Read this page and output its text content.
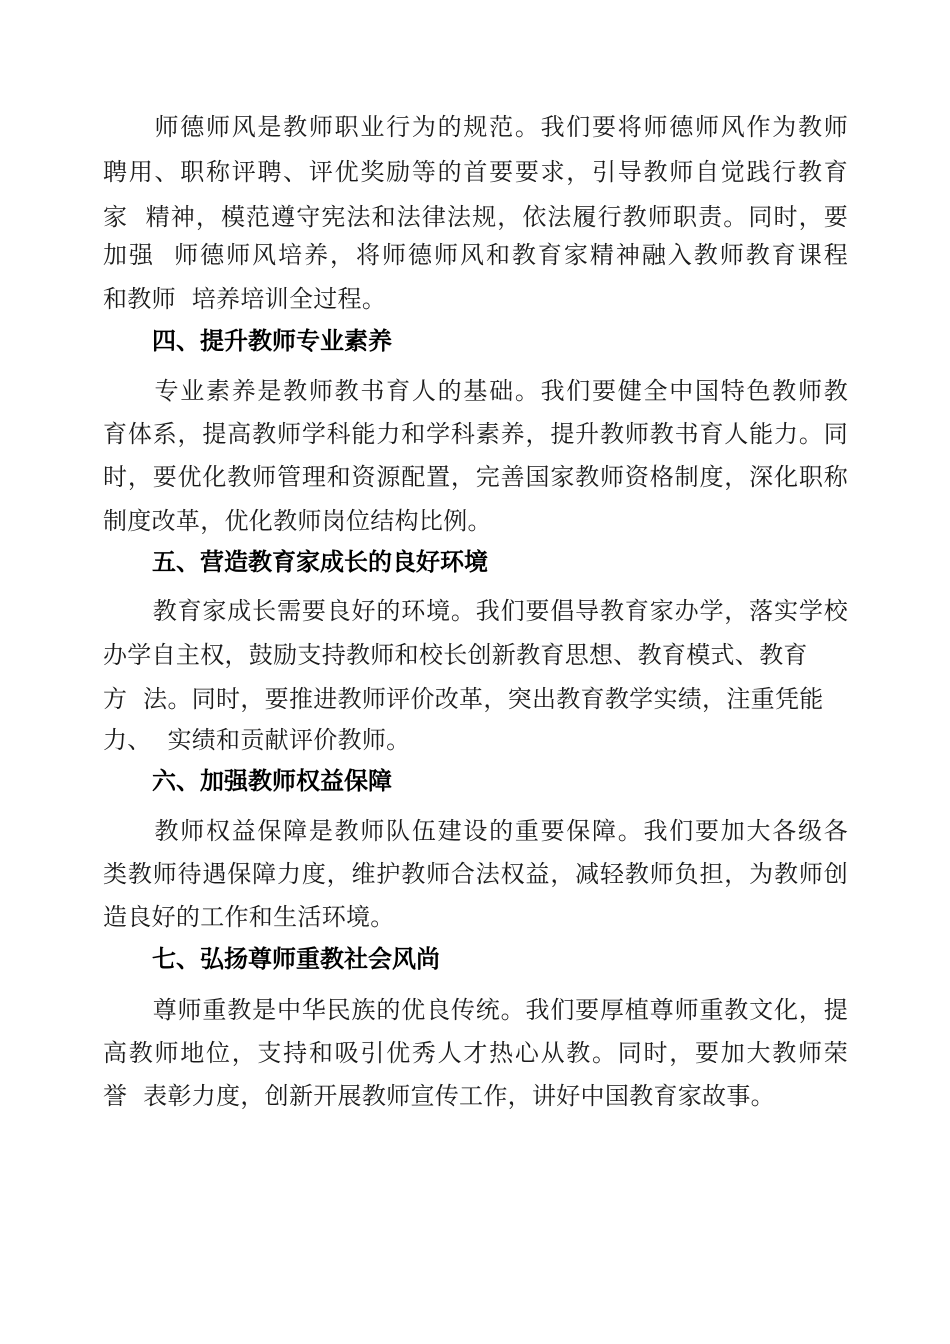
　　师德师风是教师职业行为的规范。我们要将师德师风作为教师

聘用、职称评聘、评优奖励等的首要要求，引导教师自觉践行教育

家  精神，模范遵守宪法和法律法规，依法履行教师职责。同时，要

加强  师德师风培养，将师德师风和教育家精神融入教师教育课程

和教师  培养培训全过程。

四、提升教师专业素养

　　专业素养是教师教书育人的基础。我们要健全中国特色教师教

育体系，提高教师学科能力和学科素养，提升教师教书育人能力。同

时，要优化教师管理和资源配置，完善国家教师资格制度，深化职称

制度改革，优化教师岗位结构比例。

五、营造教育家成长的良好环境

　　教育家成长需要良好的环境。我们要倡导教育家办学，落实学校

办学自主权，鼓励支持教师和校长创新教育思想、教育模式、教育

方  法。同时，要推进教师评价改革，突出教育教学实绩，注重凭能

力、  实绩和贡献评价教师。

六、加强教师权益保障

　　教师权益保障是教师队伍建设的重要保障。我们要加大各级各

类教师待遇保障力度，维护教师合法权益，减轻教师负担，为教师创

造良好的工作和生活环境。

七、弘扬尊师重教社会风尚

　　尊师重教是中华民族的优良传统。我们要厚植尊师重教文化，提

高教师地位，支持和吸引优秀人才热心从教。同时，要加大教师荣

誉  表彰力度，创新开展教师宣传工作，讲好中国教育家故事。
